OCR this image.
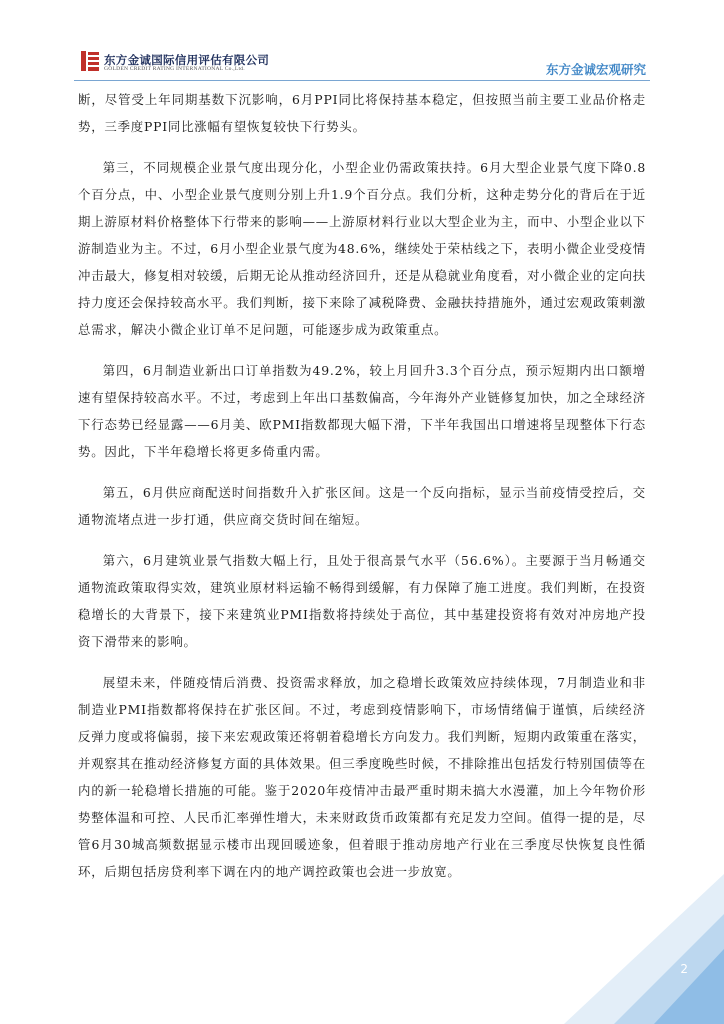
东方金诚国际信用评估有限公司
GOLDEN CREDIT RATING INTERNATIONAL Co.,Ltd.	东方金诚宏观研究

断，尽管受上年同期基数下沉影响，6月PPI同比将保持基本稳定，但按照当前主要工业品价格走势，三季度PPI同比涨幅有望恢复较快下行势头。

第三，不同规模企业景气度出现分化，小型企业仍需政策扶持。6月大型企业景气度下降0.8个百分点，中、小型企业景气度则分别上升1.9个百分点。我们分析，这种走势分化的背后在于近期上游原材料价格整体下行带来的影响——上游原材料行业以大型企业为主，而中、小型企业以下游制造业为主。不过，6月小型企业景气度为48.6%，继续处于荣枯线之下，表明小微企业受疫情冲击最大，修复相对较缓，后期无论从推动经济回升，还是从稳就业角度看，对小微企业的定向扶持力度还会保持较高水平。我们判断，接下来除了减税降费、金融扶持措施外，通过宏观政策刺激总需求，解决小微企业订单不足问题，可能逐步成为政策重点。

第四，6月制造业新出口订单指数为49.2%，较上月回升3.3个百分点，预示短期内出口额增速有望保持较高水平。不过，考虑到上年出口基数偏高，今年海外产业链修复加快，加之全球经济下行态势已经显露——6月美、欧PMI指数都现大幅下滑，下半年我国出口增速将呈现整体下行态势。因此，下半年稳增长将更多倚重内需。

第五，6月供应商配送时间指数升入扩张区间。这是一个反向指标，显示当前疫情受控后，交通物流堵点进一步打通，供应商交货时间在缩短。

第六，6月建筑业景气指数大幅上行，且处于很高景气水平（56.6%）。主要源于当月畅通交通物流政策取得实效，建筑业原材料运输不畅得到缓解，有力保障了施工进度。我们判断，在投资稳增长的大背景下，接下来建筑业PMI指数将持续处于高位，其中基建投资将有效对冲房地产投资下滑带来的影响。

展望未来，伴随疫情后消费、投资需求释放，加之稳增长政策效应持续体现，7月制造业和非制造业PMI指数都将保持在扩张区间。不过，考虑到疫情影响下，市场情绪偏于谨慎，后续经济反弹力度或将偏弱，接下来宏观政策还将朝着稳增长方向发力。我们判断，短期内政策重在落实，并观察其在推动经济修复方面的具体效果。但三季度晚些时候，不排除推出包括发行特别国债等在内的新一轮稳增长措施的可能。鉴于2020年疫情冲击最严重时期未搞大水漫灌，加上今年物价形势整体温和可控、人民币汇率弹性增大，未来财政货币政策都有充足发力空间。值得一提的是，尽管6月30城高频数据显示楼市出现回暖迹象，但着眼于推动房地产行业在三季度尽快恢复良性循环，后期包括房贷利率下调在内的地产调控政策也会进一步放宽。

2
